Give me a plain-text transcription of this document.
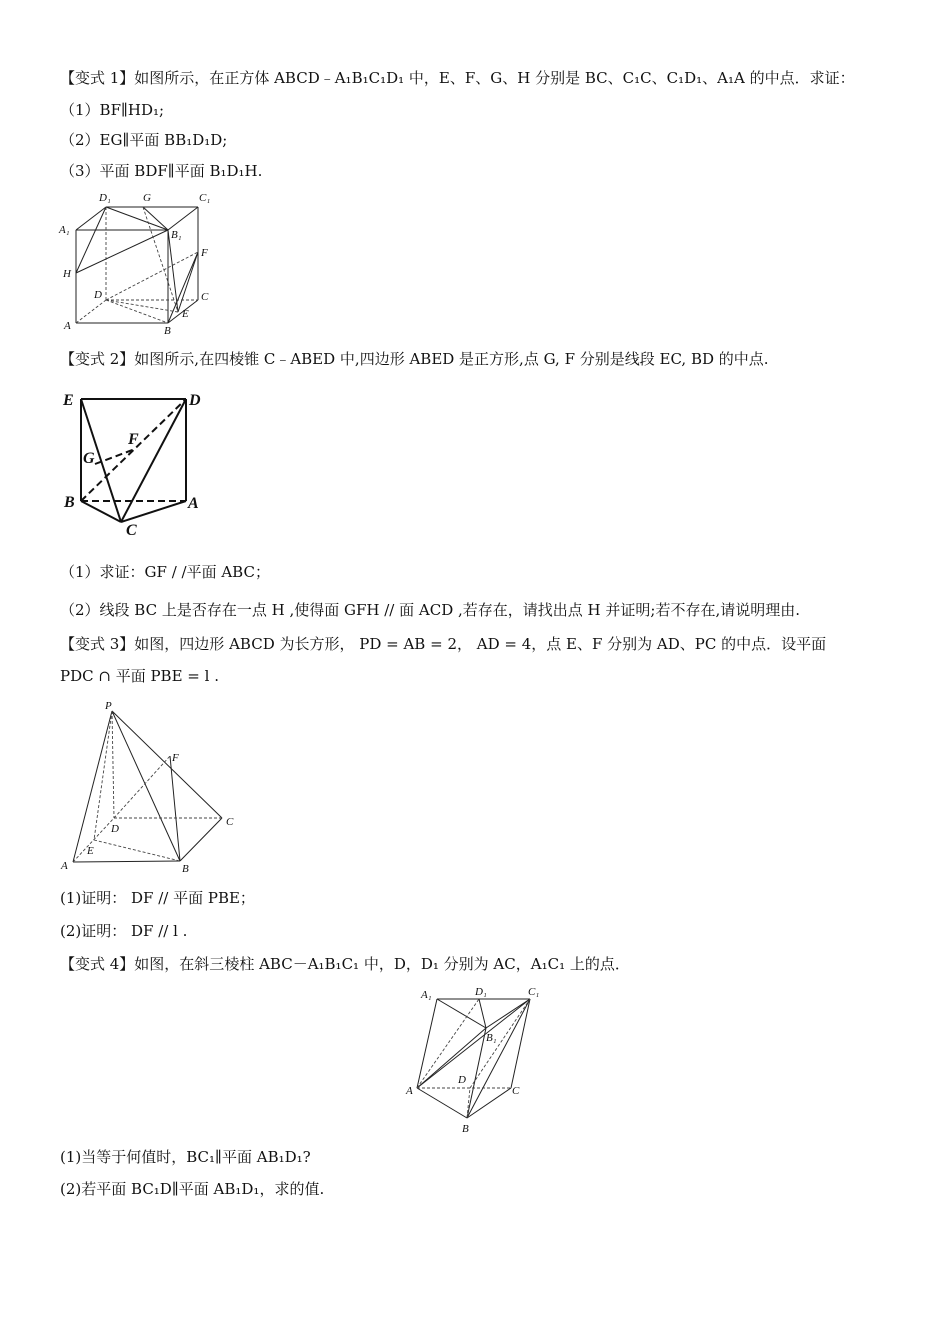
【变式 1】如图所示，在正方体 ABCD﹣A₁B₁C₁D₁ 中，E、F、G、H 分别是 BC、C₁C、C₁D₁、A₁A 的中点．求证：
（1）BF∥HD₁;
（2）EG∥平面 BB₁D₁D;
（3）平面 BDF∥平面 B₁D₁H.
D₁	G	C₁
A₁	B₁
F
H
D	C
E
A	B
【变式 2】如图所示,在四棱锥 C﹣ABED 中,四边形 ABED 是正方形,点 G, F 分别是线段 EC, BD 的中点.
E	D
F
G
B	A
C
（1）求证：GF / /平面 ABC；
（2）线段 BC 上是否存在一点 H ,使得面 GFH // 面 ACD ,若存在，请找出点 H 并证明;若不存在,请说明理由.
【变式 3】如图，四边形 ABCD 为长方形， PD = AB = 2， AD = 4，点 E、F 分别为 AD、PC 的中点．设平面
PDC ∩ 平面 PBE = l .
P
F
C
D
A
E
B
(1)证明： DF // 平面 PBE；
(2)证明： DF // l .
【变式 4】如图，在斜三棱柱 ABC－A₁B₁C₁ 中，D，D₁ 分别为 AC，A₁C₁ 上的点．
A₁	D₁	C₁
B₁
D
A	C
B
(1)当等于何值时，BC₁∥平面 AB₁D₁?
(2)若平面 BC₁D∥平面 AB₁D₁，求的值.
